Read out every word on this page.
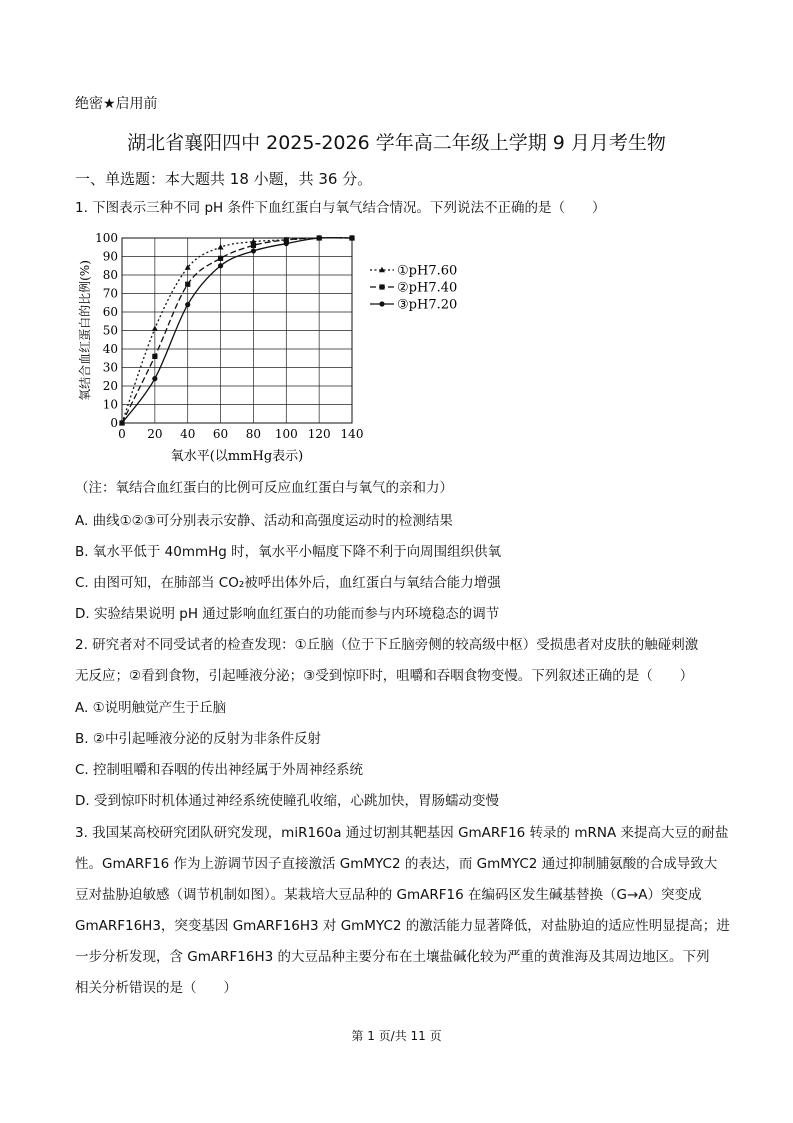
绝密★启用前
湖北省襄阳四中 2025-2026 学年高二年级上学期 9 月月考生物
一、单选题：本大题共 18 小题，共 36 分。
1. 下图表示三种不同 pH 条件下血红蛋白与氧气结合情况。下列说法不正确的是（　　）
0 20 40 60 80 100 120 140
0
10
20
30
40
50
60
70
80
90
100
氧水平(以mmHg表示)
氧结合血红蛋白的比例(%)	①pH7.60
②pH7.40
③pH7.20
（注：氧结合血红蛋白的比例可反应血红蛋白与氧气的亲和力）
A. 曲线①②③可分别表示安静、活动和高强度运动时的检测结果
B. 氧水平低于 40mmHg 时，氧水平小幅度下降不利于向周围组织供氧
C. 由图可知，在肺部当 CO₂被呼出体外后，血红蛋白与氧结合能力增强
D. 实验结果说明 pH 通过影响血红蛋白的功能而参与内环境稳态的调节
2. 研究者对不同受试者的检查发现：①丘脑（位于下丘脑旁侧的较高级中枢）受损患者对皮肤的触碰刺激
无反应；②看到食物，引起唾液分泌；③受到惊吓时，咀嚼和吞咽食物变慢。下列叙述正确的是（　　）
A. ①说明触觉产生于丘脑
B. ②中引起唾液分泌的反射为非条件反射
C. 控制咀嚼和吞咽的传出神经属于外周神经系统
D. 受到惊吓时机体通过神经系统使瞳孔收缩，心跳加快，胃肠蠕动变慢
3. 我国某高校研究团队研究发现，miR160a 通过切割其靶基因 GmARF16 转录的 mRNA 来提高大豆的耐盐
性。GmARF16 作为上游调节因子直接激活 GmMYC2 的表达，而 GmMYC2 通过抑制脯氨酸的合成导致大
豆对盐胁迫敏感（调节机制如图）。某栽培大豆品种的 GmARF16 在编码区发生碱基替换（G→A）突变成
GmARF16H3，突变基因 GmARF16H3 对 GmMYC2 的激活能力显著降低，对盐胁迫的适应性明显提高；进
一步分析发现，含 GmARF16H3 的大豆品种主要分布在土壤盐碱化较为严重的黄淮海及其周边地区。下列
相关分析错误的是（　　）
第 1 页/共 11 页
